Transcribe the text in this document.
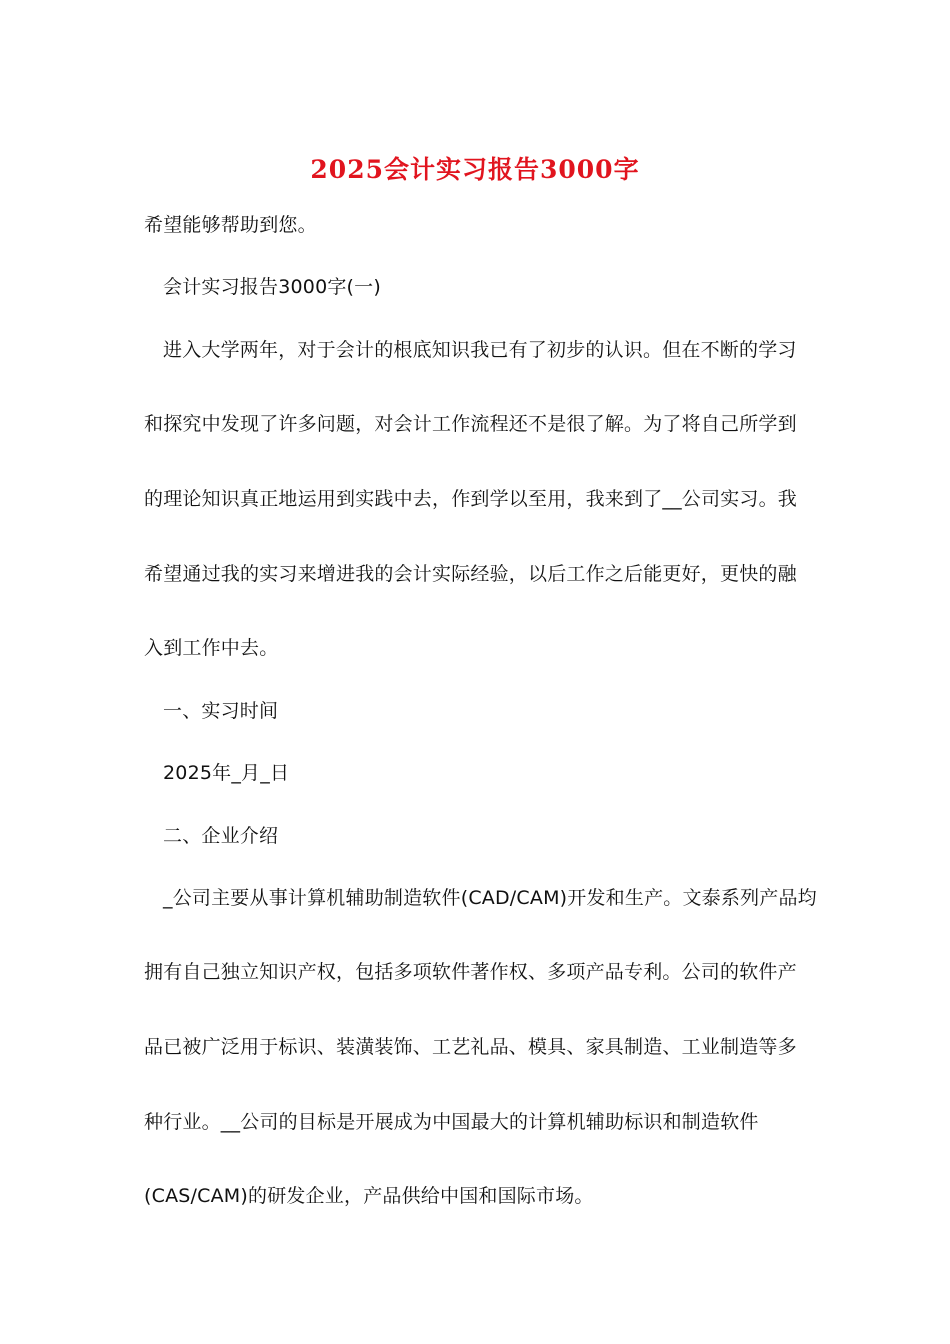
2025会计实习报告3000字
希望能够帮助到您。
会计实习报告3000字(一)
进入大学两年，对于会计的根底知识我已有了初步的认识。但在不断的学习
和探究中发现了许多问题，对会计工作流程还不是很了解。为了将自己所学到
的理论知识真正地运用到实践中去，作到学以至用，我来到了__公司实习。我
希望通过我的实习来增进我的会计实际经验，以后工作之后能更好，更快的融
入到工作中去。
一、实习时间
2025年_月_日
二、企业介绍
_公司主要从事计算机辅助制造软件(CAD/CAM)开发和生产。文泰系列产品均
拥有自己独立知识产权，包括多项软件著作权、多项产品专利。公司的软件产
品已被广泛用于标识、装潢装饰、工艺礼品、模具、家具制造、工业制造等多
种行业。__公司的目标是开展成为中国最大的计算机辅助标识和制造软件
(CAS/CAM)的研发企业，产品供给中国和国际市场。
